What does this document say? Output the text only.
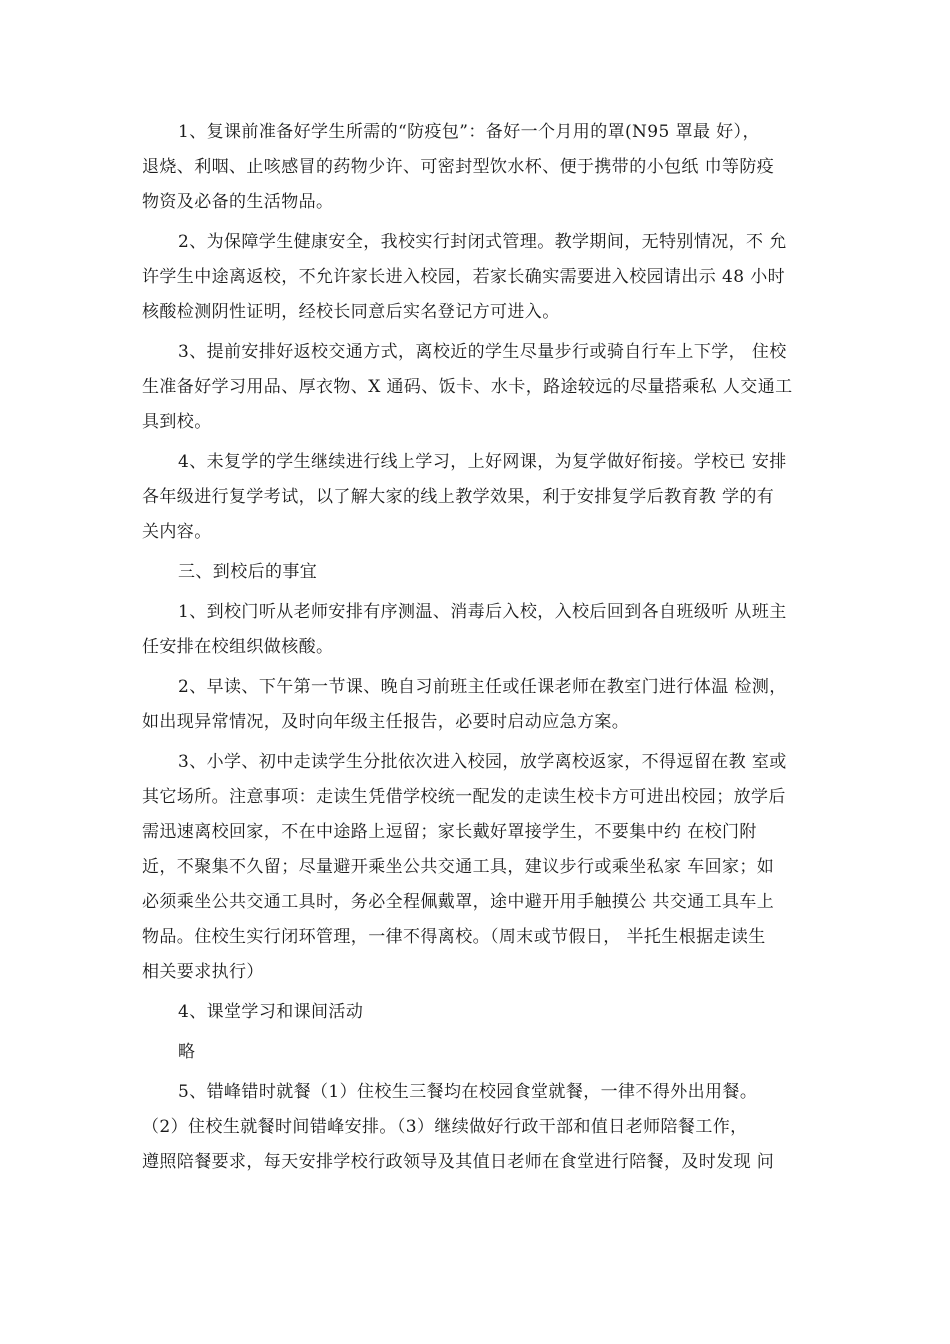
1、复课前准备好学生所需的“防疫包”：备好一个月用的罩(N95 罩最 好），
退烧、利咽、止咳感冒的药物少许、可密封型饮水杯、便于携带的小包纸 巾等防疫
物资及必备的生活物品。
2、为保障学生健康安全，我校实行封闭式管理。教学期间，无特别情况，不 允
许学生中途离返校，不允许家长进入校园，若家长确实需要进入校园请出示 48 小时
核酸检测阴性证明，经校长同意后实名登记方可进入。
3、提前安排好返校交通方式，离校近的学生尽量步行或骑自行车上下学， 住校
生准备好学习用品、厚衣物、X 通码、饭卡、水卡，路途较远的尽量搭乘私 人交通工
具到校。
4、未复学的学生继续进行线上学习，上好网课，为复学做好衔接。学校已 安排
各年级进行复学考试，以了解大家的线上教学效果，利于安排复学后教育教 学的有
关内容。
三、到校后的事宜
1、到校门听从老师安排有序测温、消毒后入校，入校后回到各自班级听 从班主
任安排在校组织做核酸。
2、早读、下午第一节课、晚自习前班主任或任课老师在教室门进行体温 检测，
如出现异常情况，及时向年级主任报告，必要时启动应急方案。
3、小学、初中走读学生分批依次进入校园，放学离校返家，不得逗留在教 室或
其它场所。注意事项：走读生凭借学校统一配发的走读生校卡方可进出校园；放学后
需迅速离校回家，不在中途路上逗留；家长戴好罩接学生，不要集中约 在校门附
近，不聚集不久留；尽量避开乘坐公共交通工具，建议步行或乘坐私家 车回家；如
必须乘坐公共交通工具时，务必全程佩戴罩，途中避开用手触摸公 共交通工具车上
物品。住校生实行闭环管理，一律不得离校。（周末或节假日， 半托生根据走读生
相关要求执行）
4、课堂学习和课间活动
略
5、错峰错时就餐（1）住校生三餐均在校园食堂就餐，一律不得外出用餐。
（2）住校生就餐时间错峰安排。（3）继续做好行政干部和值日老师陪餐工作，
遵照陪餐要求，每天安排学校行政领导及其值日老师在食堂进行陪餐，及时发现 问
